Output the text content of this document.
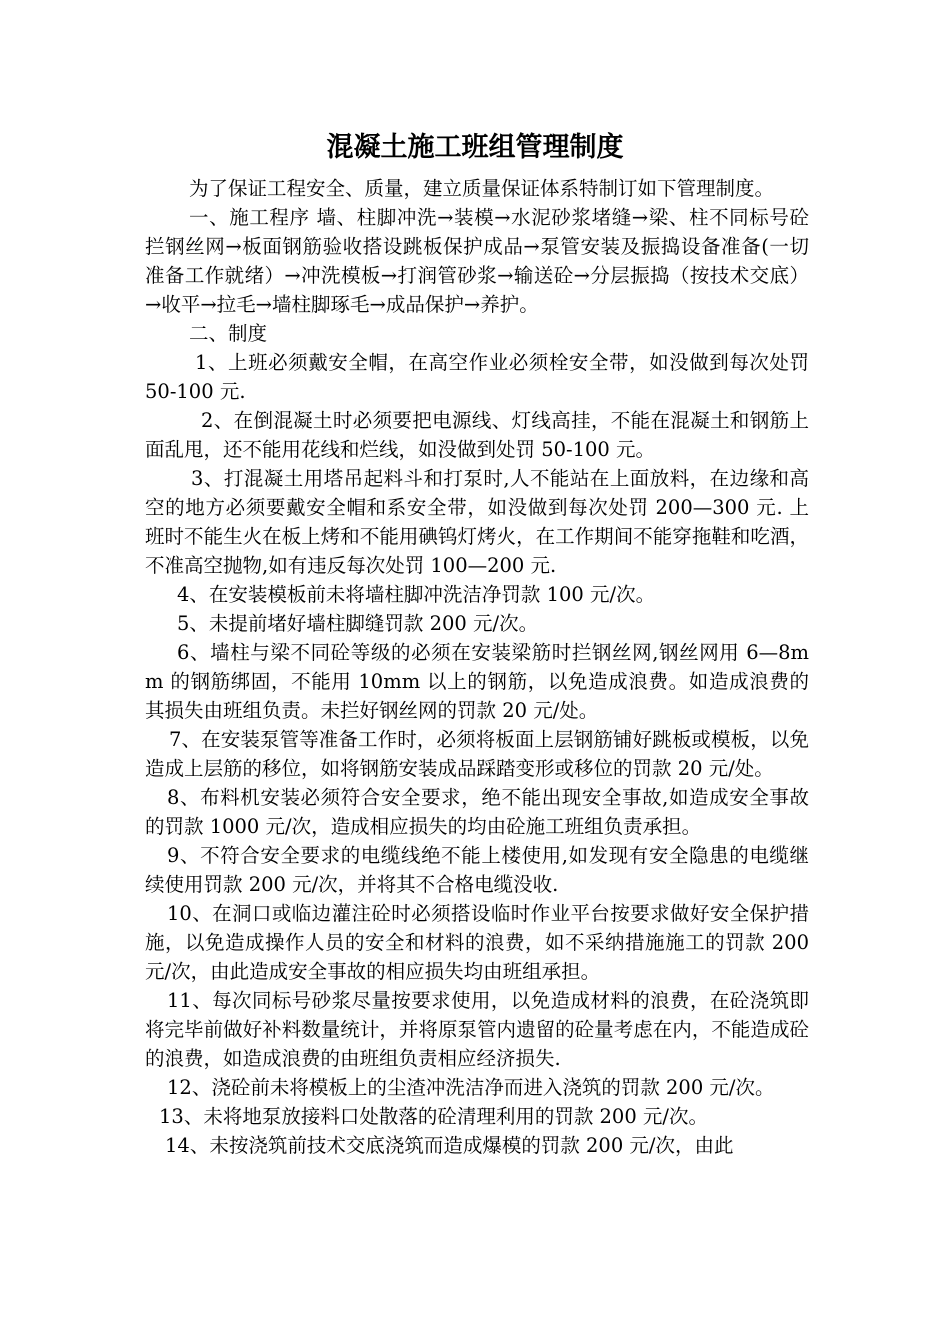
混凝土施工班组管理制度

为了保证工程安全、质量，建立质量保证体系特制订如下管理制度。

一、施工程序 墙、柱脚冲洗→装模→水泥砂浆堵缝→梁、柱不同标号砼拦钢丝网→板面钢筋验收搭设跳板保护成品→泵管安装及振捣设备准备(一切准备工作就绪）→冲洗模板→打润管砂浆→输送砼→分层振捣（按技术交底）→收平→拉毛→墙柱脚琢毛→成品保护→养护。

二、制度

1、上班必须戴安全帽，在高空作业必须栓安全带，如没做到每次处罚 50-100 元.

2、在倒混凝土时必须要把电源线、灯线高挂，不能在混凝土和钢筋上面乱甩，还不能用花线和烂线，如没做到处罚 50-100 元。

3、打混凝土用塔吊起料斗和打泵时,人不能站在上面放料，在边缘和高空的地方必须要戴安全帽和系安全带，如没做到每次处罚 200—300 元. 上班时不能生火在板上烤和不能用碘钨灯烤火，在工作期间不能穿拖鞋和吃酒，不准高空抛物,如有违反每次处罚 100—200 元.

4、在安装模板前未将墙柱脚冲洗洁净罚款 100 元/次。

5、未提前堵好墙柱脚缝罚款 200 元/次。

6、墙柱与梁不同砼等级的必须在安装梁筋时拦钢丝网,钢丝网用 6—8mm 的钢筋绑固，不能用 10mm 以上的钢筋，以免造成浪费。如造成浪费的其损失由班组负责。未拦好钢丝网的罚款 20 元/处。

7、在安装泵管等准备工作时，必须将板面上层钢筋铺好跳板或模板，以免造成上层筋的移位，如将钢筋安装成品踩踏变形或移位的罚款 20 元/处。

8、布料机安装必须符合安全要求，绝不能出现安全事故,如造成安全事故的罚款 1000 元/次，造成相应损失的均由砼施工班组负责承担。

9、不符合安全要求的电缆线绝不能上楼使用,如发现有安全隐患的电缆继续使用罚款 200 元/次，并将其不合格电缆没收.

10、在洞口或临边灌注砼时必须搭设临时作业平台按要求做好安全保护措施，以免造成操作人员的安全和材料的浪费，如不采纳措施施工的罚款 200 元/次，由此造成安全事故的相应损失均由班组承担。

11、每次同标号砂浆尽量按要求使用，以免造成材料的浪费，在砼浇筑即将完毕前做好补料数量统计，并将原泵管内遗留的砼量考虑在内，不能造成砼的浪费，如造成浪费的由班组负责相应经济损失.

12、浇砼前未将模板上的尘渣冲洗洁净而进入浇筑的罚款 200 元/次。

13、未将地泵放接料口处散落的砼清理利用的罚款 200 元/次。

14、未按浇筑前技术交底浇筑而造成爆模的罚款 200 元/次，由此
